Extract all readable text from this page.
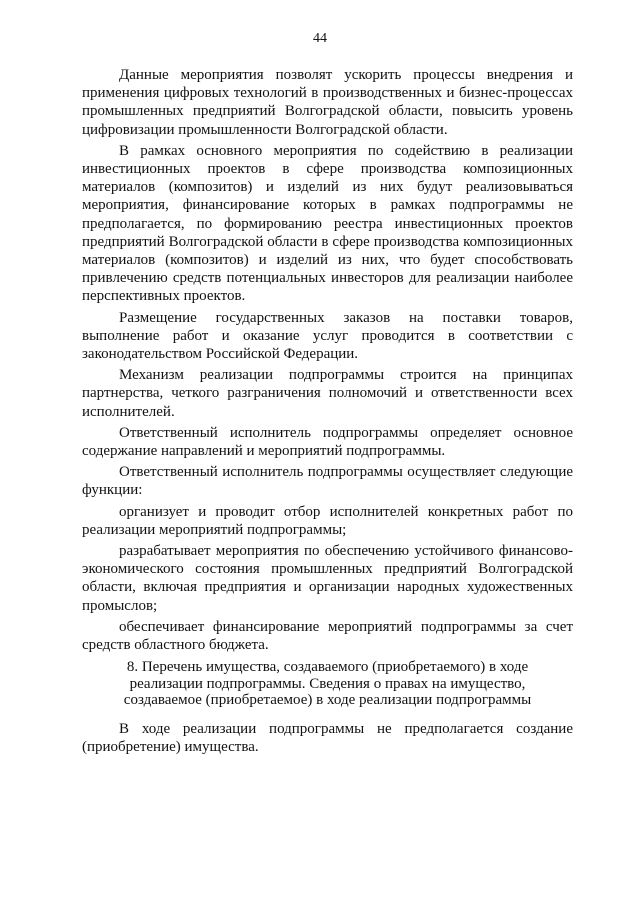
44

Данные мероприятия позволят ускорить процессы внедрения и применения цифровых технологий в производственных и бизнес-процессах промышленных предприятий Волгоградской области, повысить уровень цифровизации промышленности Волгоградской области.

В рамках основного мероприятия по содействию в реализации инвестиционных проектов в сфере производства композиционных материалов (композитов) и изделий из них будут реализовываться мероприятия, финансирование которых в рамках подпрограммы не предполагается, по формированию реестра инвестиционных проектов предприятий Волгоградской области в сфере производства композиционных материалов (композитов) и изделий из них, что будет способствовать привлечению средств потенциальных инвесторов для реализации наиболее перспективных проектов.

Размещение государственных заказов на поставки товаров, выполнение работ и оказание услуг проводится в соответствии с законодательством Российской Федерации.

Механизм реализации подпрограммы строится на принципах партнерства, четкого разграничения полномочий и ответственности всех исполнителей.

Ответственный исполнитель подпрограммы определяет основное содержание направлений и мероприятий подпрограммы.

Ответственный исполнитель подпрограммы осуществляет следующие функции:

организует и проводит отбор исполнителей конкретных работ по реализации мероприятий подпрограммы;

разрабатывает мероприятия по обеспечению устойчивого финансово-экономического состояния промышленных предприятий Волгоградской области, включая предприятия и организации народных художественных промыслов;

обеспечивает финансирование мероприятий подпрограммы за счет средств областного бюджета.

8. Перечень имущества, создаваемого (приобретаемого) в ходе
реализации подпрограммы. Сведения о правах на имущество,
создаваемое (приобретаемое) в ходе реализации подпрограммы

В ходе реализации подпрограммы не предполагается создание (приобретение) имущества.
